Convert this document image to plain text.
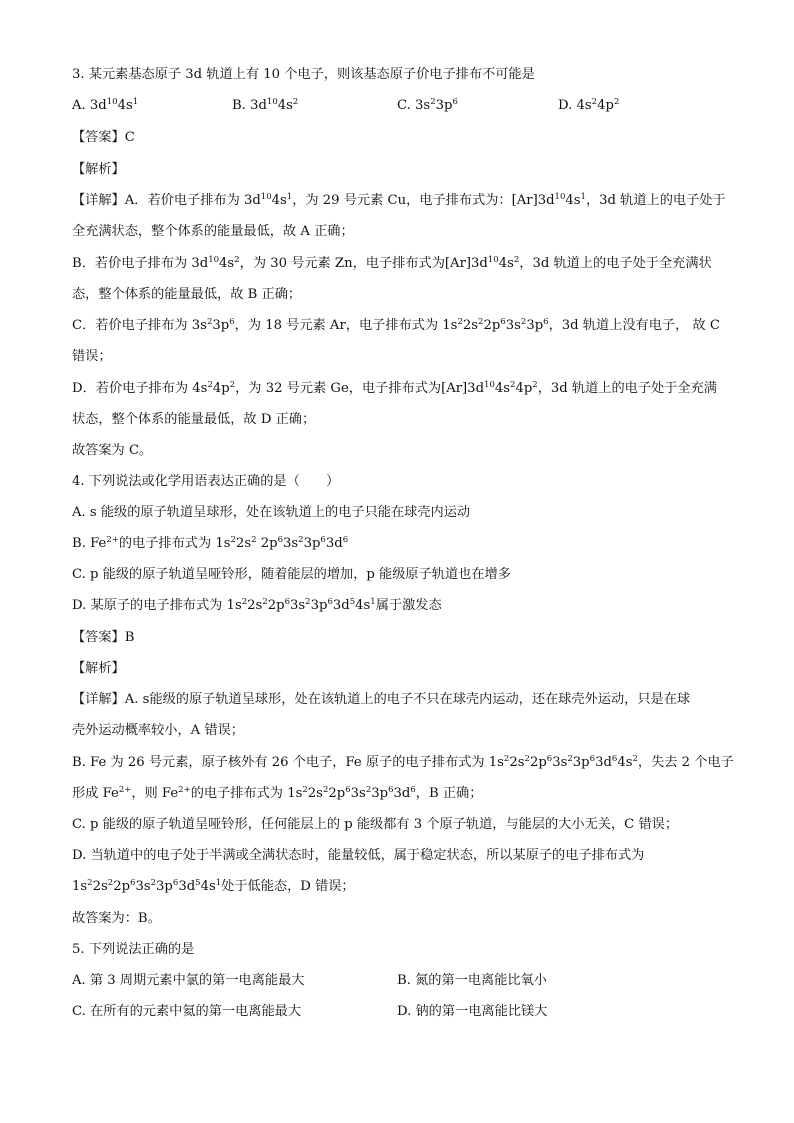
3. 某元素基态原子 3d 轨道上有 10 个电子，则该基态原子价电子排布不可能是
A. $3d^{10}4s^1$	B. $3d^{10}4s^2$	C. $3s^23p^6$	D. $4s^24p^2$
【答案】C
【解析】
【详解】A．若价电子排布为 $3d^{10}4s^1$，为 29 号元素 Cu，电子排布式为：$[Ar]3d^{10}4s^1$，3d 轨道上的电子处于
全充满状态，整个体系的能量最低，故 A 正确；
B．若价电子排布为 $3d^{10}4s^2$，为 30 号元素 Zn，电子排布式为$[Ar]3d^{10}4s^2$，3d 轨道上的电子处于全充满状
态，整个体系的能量最低，故 B 正确；
C．若价电子排布为 $3s^23p^6$，为 18 号元素 Ar，电子排布式为 $1s^22s^22p^63s^23p^6$，3d 轨道上没有电子， 故 C
错误；
D．若价电子排布为 $4s^24p^2$，为 32 号元素 Ge，电子排布式为$[Ar]3d^{10}4s^24p^2$，3d 轨道上的电子处于全充满
状态，整个体系的能量最低，故 D 正确；
故答案为 C。
4. 下列说法或化学用语表达正确的是（　　）
A. s 能级的原子轨道呈球形，处在该轨道上的电子只能在球壳内运动
B. $Fe^{2+}$的电子排布式为 $1s^22s^2$ $2p^63s^23p^63d^6$
C. p 能级的原子轨道呈哑铃形，随着能层的增加，p 能级原子轨道也在增多
D. 某原子的电子排布式为 $1s^22s^22p^63s^23p^63d^54s^1$属于激发态
【答案】B
【解析】
【详解】A. s能级的原子轨道呈球形，处在该轨道上的电子不只在球壳内运动，还在球壳外运动，只是在球
壳外运动概率较小，A 错误；
B. Fe 为 26 号元素，原子核外有 26 个电子，Fe 原子的电子排布式为 $1s^22s^22p^63s^23p^63d^64s^2$，失去 2 个电子
形成 $Fe^{2+}$，则 $Fe^{2+}$的电子排布式为 $1s^22s^22p^63s^23p^63d^6$，B 正确；
C. p 能级的原子轨道呈哑铃形，任何能层上的 p 能级都有 3 个原子轨道，与能层的大小无关，C 错误；
D. 当轨道中的电子处于半满或全满状态时，能量较低，属于稳定状态，所以某原子的电子排布式为
$1s^22s^22p^63s^23p^63d^54s^1$处于低能态，D 错误；
故答案为：B。
5. 下列说法正确的是
A. 第 3 周期元素中氯的第一电离能最大	B. 氮的第一电离能比氧小
C. 在所有的元素中氦的第一电离能最大	D. 钠的第一电离能比镁大
